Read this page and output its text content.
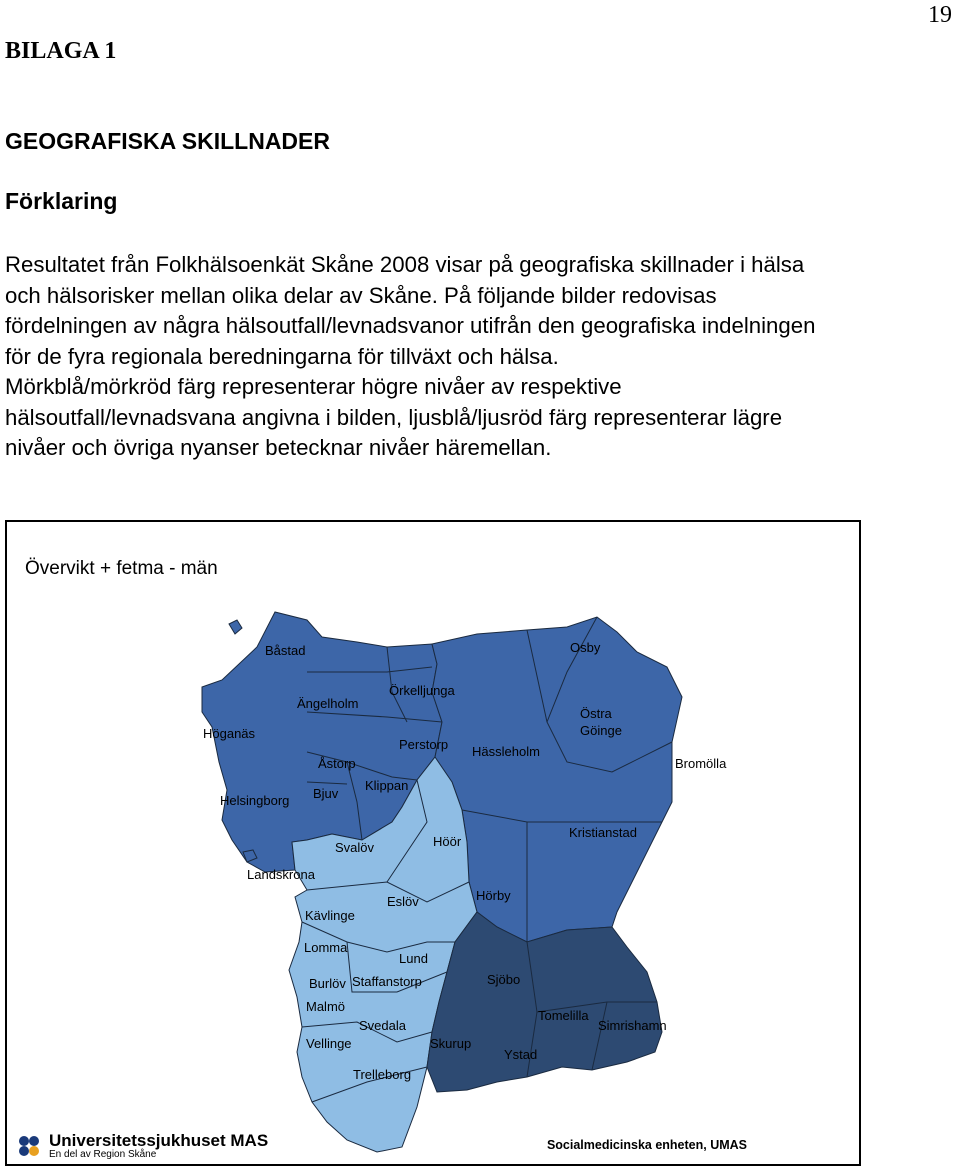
19
BILAGA 1
GEOGRAFISKA SKILLNADER
Förklaring
Resultatet från Folkhälsoenkät Skåne 2008 visar på geografiska skillnader i hälsa
och hälsorisker mellan olika delar av Skåne. På följande bilder redovisas
fördelningen av några hälsoutfall/levnadsvanor utifrån den geografiska indelningen
för de fyra regionala beredningarna för tillväxt och hälsa.
Mörkblå/mörkröd färg representerar högre nivåer av respektive
hälsoutfall/levnadsvana angivna i bilden, ljusblå/ljusröd färg representerar lägre
nivåer och övriga nyanser betecknar nivåer häremellan.
Övervikt + fetma - män
Båstad
Ängelholm
Örkelljunga
Höganäs
Perstorp Hässleholm
Osby
Östra Göinge
Bromölla
Åstorp
Klippan
Helsingborg Bjuv
Kristianstad
Svalöv	Höör
Landskrona
Eslöv	Hörby
Kävlinge
Lomma
Lund
Sjöbo
Burlöv Staffanstorp
Malmö
Tomelilla
Simrishamn
Svedala
Vellinge	Skurup
Ystad
Trelleborg
Universitetssjukhuset MAS
En del av Region Skåne
Socialmedicinska enheten, UMAS
